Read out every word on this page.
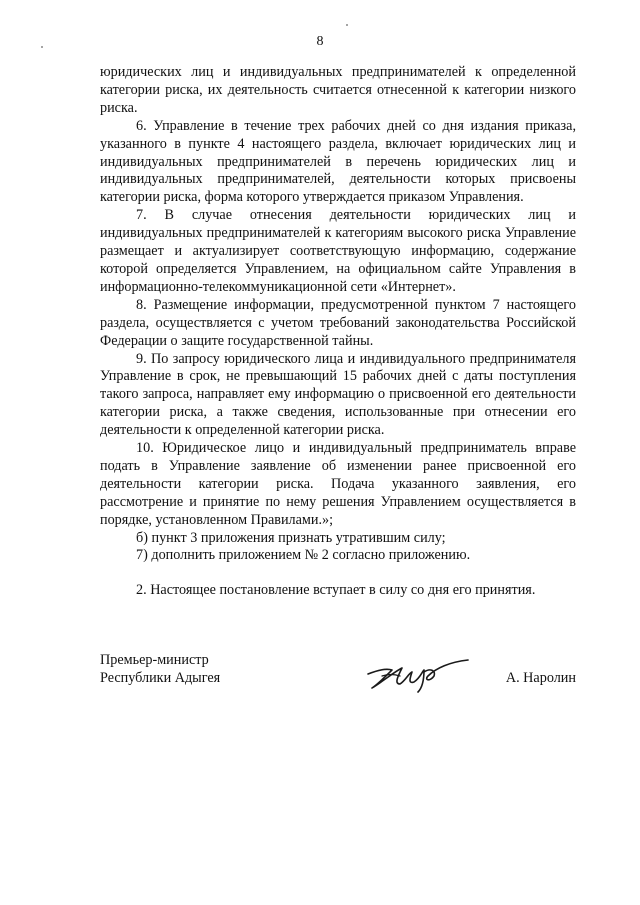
8

юридических лиц и индивидуальных предпринимателей к определенной категории риска, их деятельность считается отнесенной к категории низкого риска.

6. Управление в течение трех рабочих дней со дня издания приказа, указанного в пункте 4 настоящего раздела, включает юридических лиц и индивидуальных предпринимателей в перечень юридических лиц и индивидуальных предпринимателей, деятельности которых присвоены категории риска, форма которого утверждается приказом Управления.

7. В случае отнесения деятельности юридических лиц и индивидуальных предпринимателей к категориям высокого риска Управление размещает и актуализирует соответствующую информацию, содержание которой определяется Управлением, на официальном сайте Управления в информационно-телекоммуникационной сети «Интернет».

8. Размещение информации, предусмотренной пунктом 7 настоящего раздела, осуществляется с учетом требований законодательства Российской Федерации о защите государственной тайны.

9. По запросу юридического лица и индивидуального предпринимателя Управление в срок, не превышающий 15 рабочих дней с даты поступления такого запроса, направляет ему информацию о присвоенной его деятельности категории риска, а также сведения, использованные при отнесении его деятельности к определенной категории риска.

10. Юридическое лицо и индивидуальный предприниматель вправе подать в Управление заявление об изменении ранее присвоенной его деятельности категории риска. Подача указанного заявления, его рассмотрение и принятие по нему решения Управлением осуществляется в порядке, установленном Правилами.»;

б) пункт 3 приложения признать утратившим силу;

7) дополнить приложением № 2 согласно приложению.

2. Настоящее постановление вступает в силу со дня его принятия.

Премьер-министр
Республики Адыгея	А. Наролин
